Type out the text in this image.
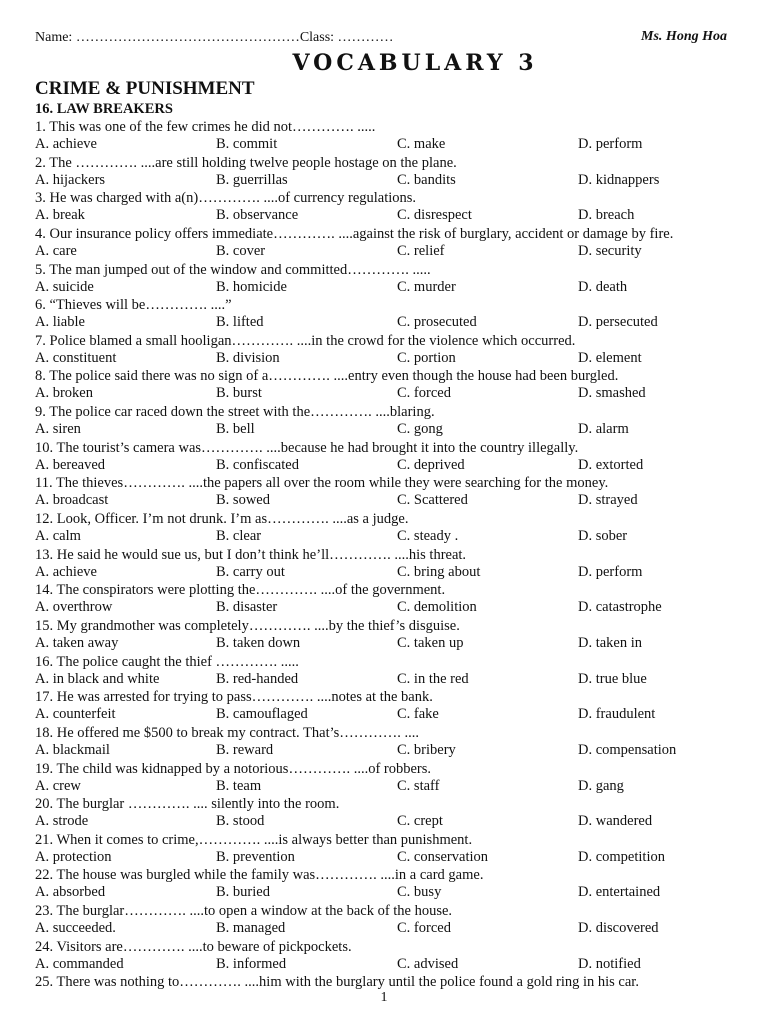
Name: …………………………………………Class: …………	Ms. Hong Hoa
VOCABULARY 3
CRIME & PUNISHMENT
16. LAW BREAKERS
1. This was one of the few crimes he did not…………. .....
A. achieve	B. commit	C. make	D. perform
2. The …………. ....are still holding twelve people hostage on the plane.
A. hijackers	B. guerrillas	C. bandits	D. kidnappers
3. He was charged with a(n)…………. ....of currency regulations.
A. break	B. observance	C. disrespect	D. breach
4. Our insurance policy offers immediate…………. ....against the risk of burglary, accident or damage by fire.
A. care	B. cover	C. relief	D. security
5. The man jumped out of the window and committed…………. .....
A. suicide	B. homicide	C. murder	D. death
6. “Thieves will be…………. ....”
A. liable	B. lifted	C. prosecuted	D. persecuted
7. Police blamed a small hooligan…………. ....in the crowd for the violence which occurred.
A. constituent	B. division	C. portion	D. element
8. The police said there was no sign of a…………. ....entry even though the house had been burgled.
A. broken	B. burst	C. forced	D. smashed
9. The police car raced down the street with the…………. ....blaring.
A. siren	B. bell	C. gong	D. alarm
10. The tourist’s camera was…………. ....because he had brought it into the country illegally.
A. bereaved	B. confiscated	C. deprived	D. extorted
11. The thieves…………. ....the papers all over the room while they were searching for the money.
A. broadcast	B. sowed	C. Scattered	D. strayed
12. Look, Officer. I’m not drunk. I’m as…………. ....as a judge.
A. calm	B. clear	C. steady .	D. sober
13. He said he would sue us, but I don’t think he’ll…………. ....his threat.
A. achieve	B. carry out	C. bring about	D. perform
14. The conspirators were plotting the…………. ....of the government.
A. overthrow	B. disaster	C. demolition	D. catastrophe
15. My grandmother was completely…………. ....by the thief’s disguise.
A. taken away	B. taken down	C. taken up	D. taken in
16. The police caught the thief …………. .....
A. in black and white	B. red-handed	C. in the red	D. true blue
17. He was arrested for trying to pass…………. ....notes at the bank.
A. counterfeit	B. camouflaged	C. fake	D. fraudulent
18. He offered me $500 to break my contract. That’s…………. ....
A. blackmail	B. reward	C. bribery	D. compensation
19. The child was kidnapped by a notorious…………. ....of robbers.
A. crew	B. team	C. staff	D. gang
20. The burglar …………. .... silently into the room.
A. strode	B. stood	C. crept	D. wandered
21. When it comes to crime,…………. ....is always better than punishment.
A. protection	B. prevention	C. conservation	D. competition
22. The house was burgled while the family was…………. ....in a card game.
A. absorbed	B. buried	C. busy	D. entertained
23. The burglar…………. ....to open a window at the back of the house.
A. succeeded.	B. managed	C. forced	D. discovered
24. Visitors are…………. ....to beware of pickpockets.
A. commanded	B. informed	C. advised	D. notified
25. There was nothing to…………. ....him with the burglary until the police found a gold ring in his car.
1
